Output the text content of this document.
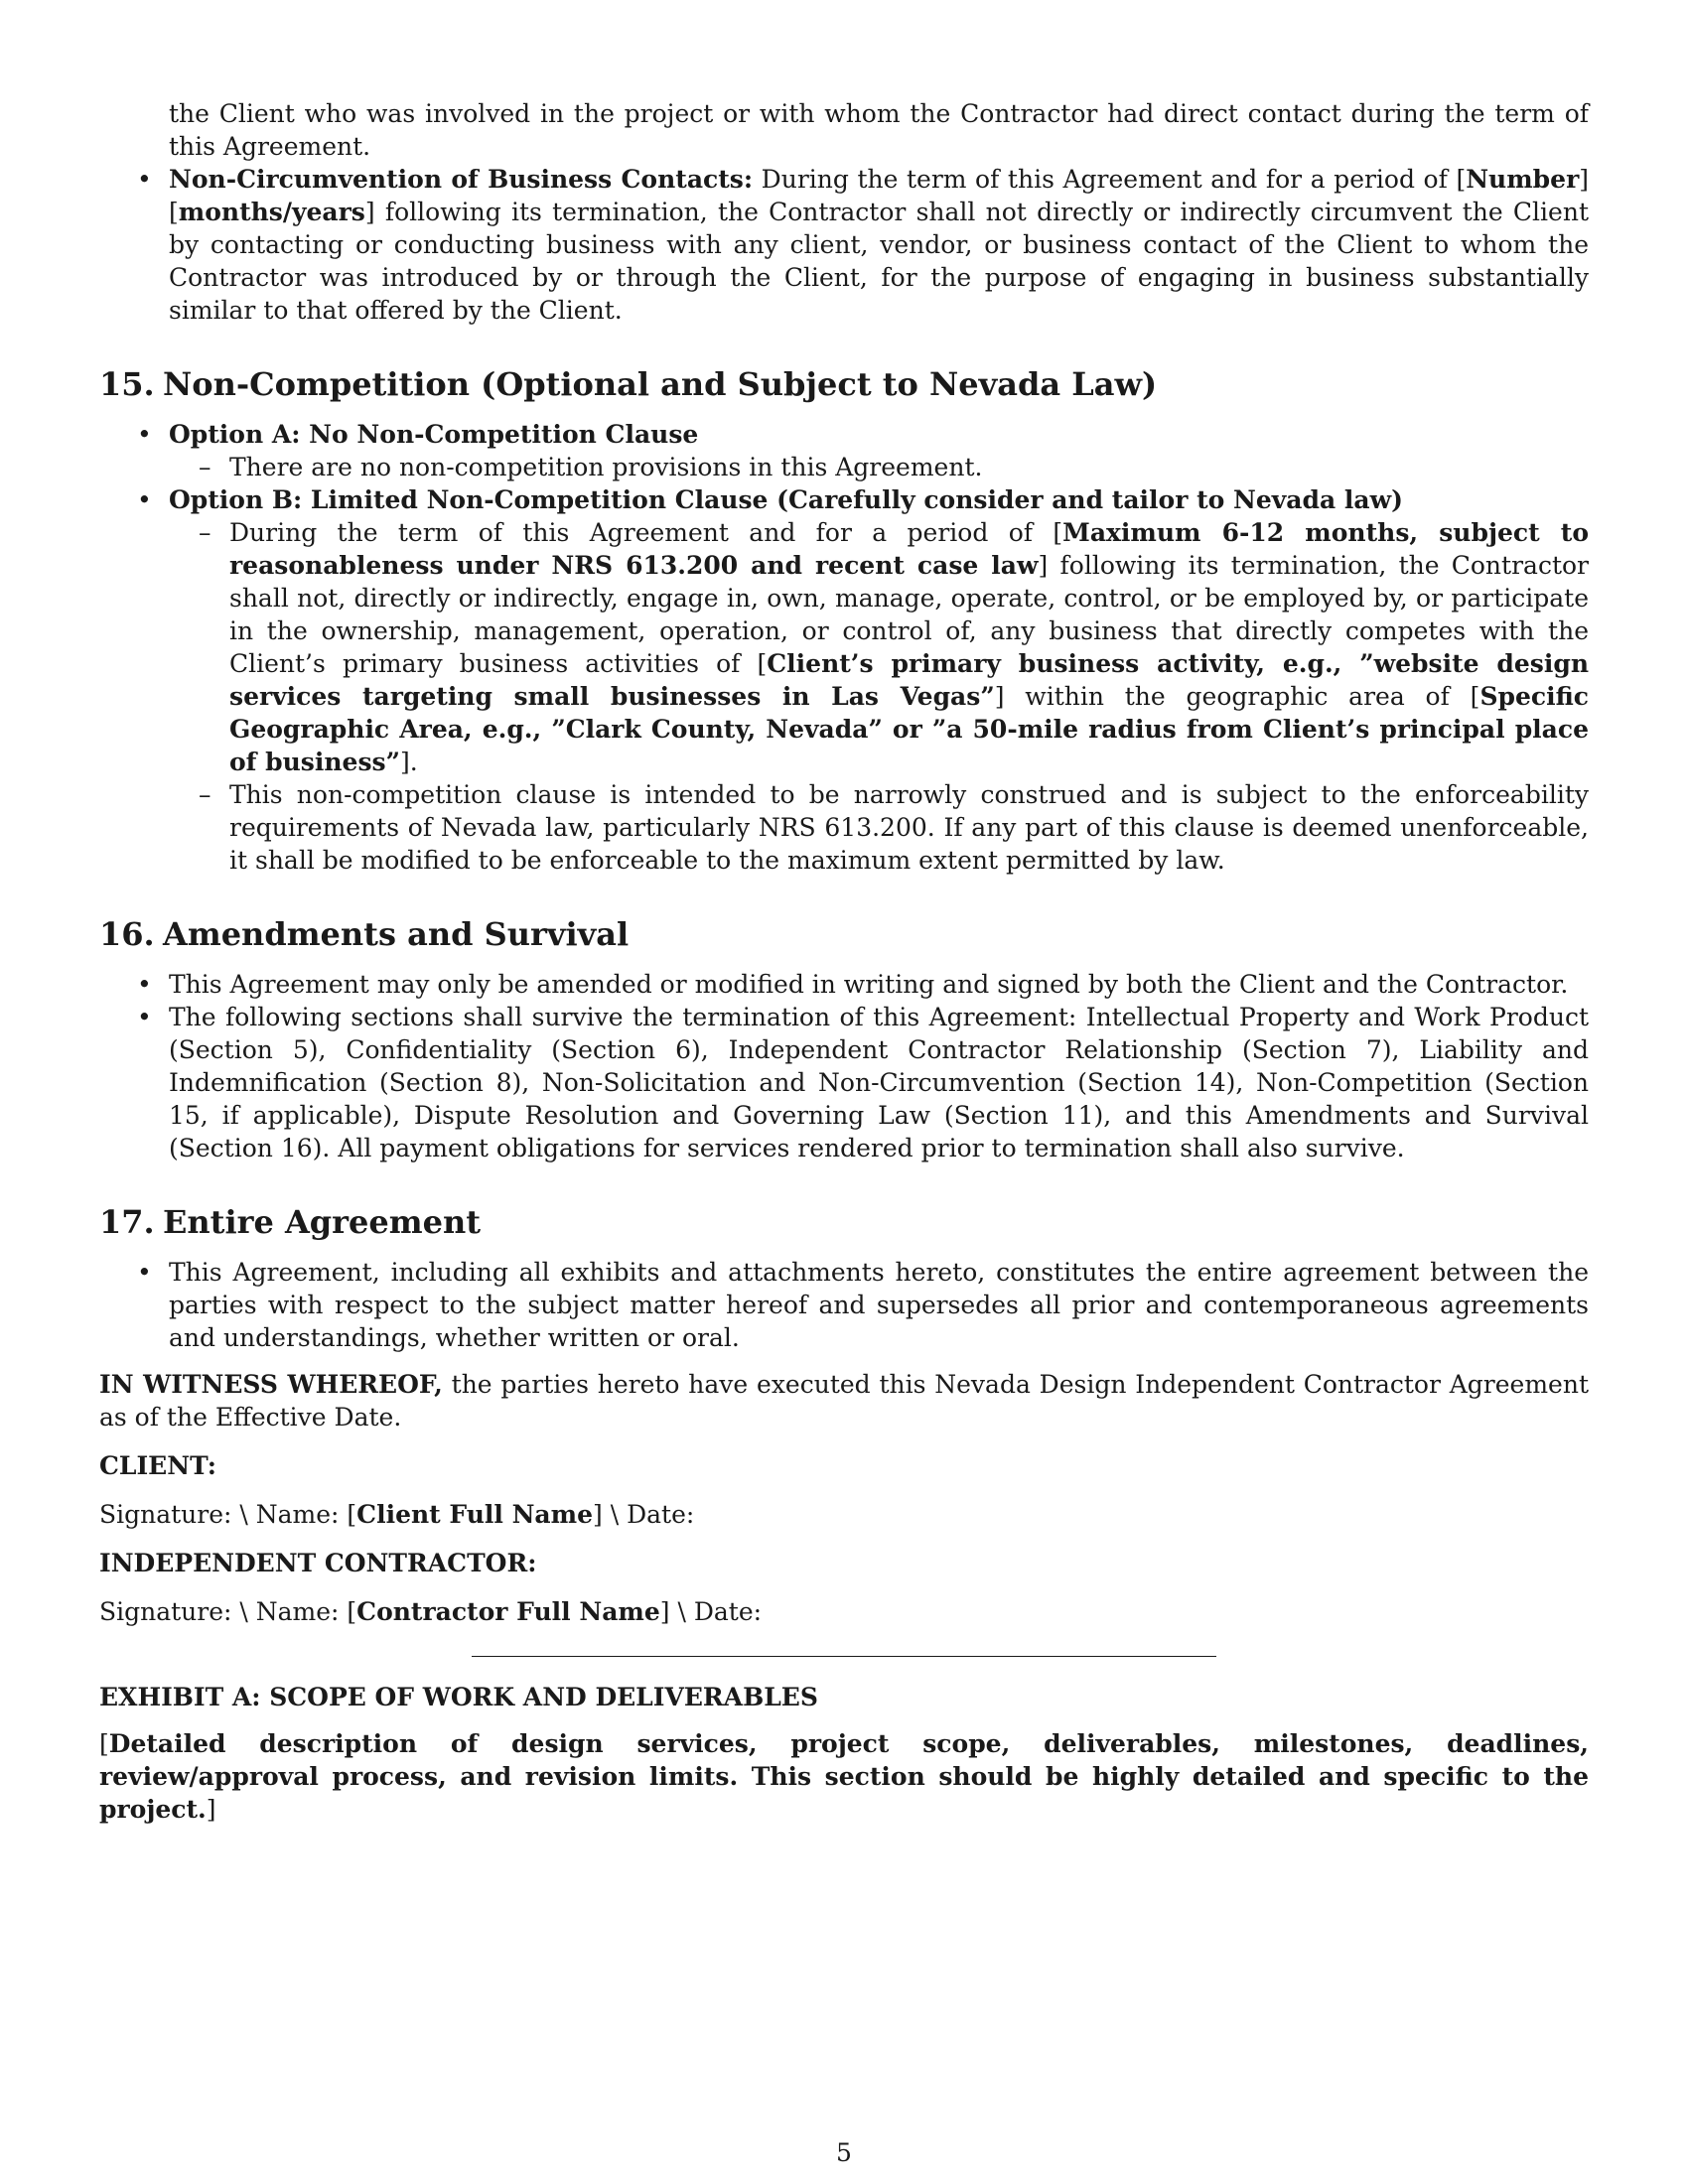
the Client who was involved in the project or with whom the Contractor had direct contact during the term of this Agreement.

• Non-Circumvention of Business Contacts: During the term of this Agreement and for a period of [Number] [months/years] following its termination, the Contractor shall not directly or indirectly circumvent the Client by contacting or conducting business with any client, vendor, or business contact of the Client to whom the Contractor was introduced by or through the Client, for the purpose of engaging in business substantially similar to that offered by the Client.
15. Non-Competition (Optional and Subject to Nevada Law)
• Option A: No Non-Competition Clause
– There are no non-competition provisions in this Agreement.
• Option B: Limited Non-Competition Clause (Carefully consider and tailor to Nevada law)
– During the term of this Agreement and for a period of [Maximum 6-12 months, subject to reasonableness under NRS 613.200 and recent case law] following its termination, the Contractor shall not, directly or indirectly, engage in, own, manage, operate, control, or be employed by, or participate in the ownership, management, operation, or control of, any business that directly competes with the Client’s primary business activities of [Client’s primary business activity, e.g., ”website design services targeting small businesses in Las Vegas”] within the geographic area of [Specific Geographic Area, e.g., ”Clark County, Nevada” or ”a 50-mile radius from Client’s principal place of business”].
– This non-competition clause is intended to be narrowly construed and is subject to the enforceability requirements of Nevada law, particularly NRS 613.200. If any part of this clause is deemed unenforceable, it shall be modified to be enforceable to the maximum extent permitted by law.
16. Amendments and Survival
• This Agreement may only be amended or modified in writing and signed by both the Client and the Contractor.
• The following sections shall survive the termination of this Agreement: Intellectual Property and Work Product (Section 5), Confidentiality (Section 6), Independent Contractor Relationship (Section 7), Liability and Indemnification (Section 8), Non-Solicitation and Non-Circumvention (Section 14), Non-Competition (Section 15, if applicable), Dispute Resolution and Governing Law (Section 11), and this Amendments and Survival (Section 16). All payment obligations for services rendered prior to termination shall also survive.
17. Entire Agreement
• This Agreement, including all exhibits and attachments hereto, constitutes the entire agreement between the parties with respect to the subject matter hereof and supersedes all prior and contemporaneous agreements and understandings, whether written or oral.

IN WITNESS WHEREOF, the parties hereto have executed this Nevada Design Independent Contractor Agreement as of the Effective Date.

CLIENT:

Signature: \ Name: [Client Full Name] \ Date:

INDEPENDENT CONTRACTOR:

Signature: \ Name: [Contractor Full Name] \ Date:

EXHIBIT A: SCOPE OF WORK AND DELIVERABLES

[Detailed description of design services, project scope, deliverables, milestones, deadlines, review/approval process, and revision limits. This section should be highly detailed and specific to the project.]

5
